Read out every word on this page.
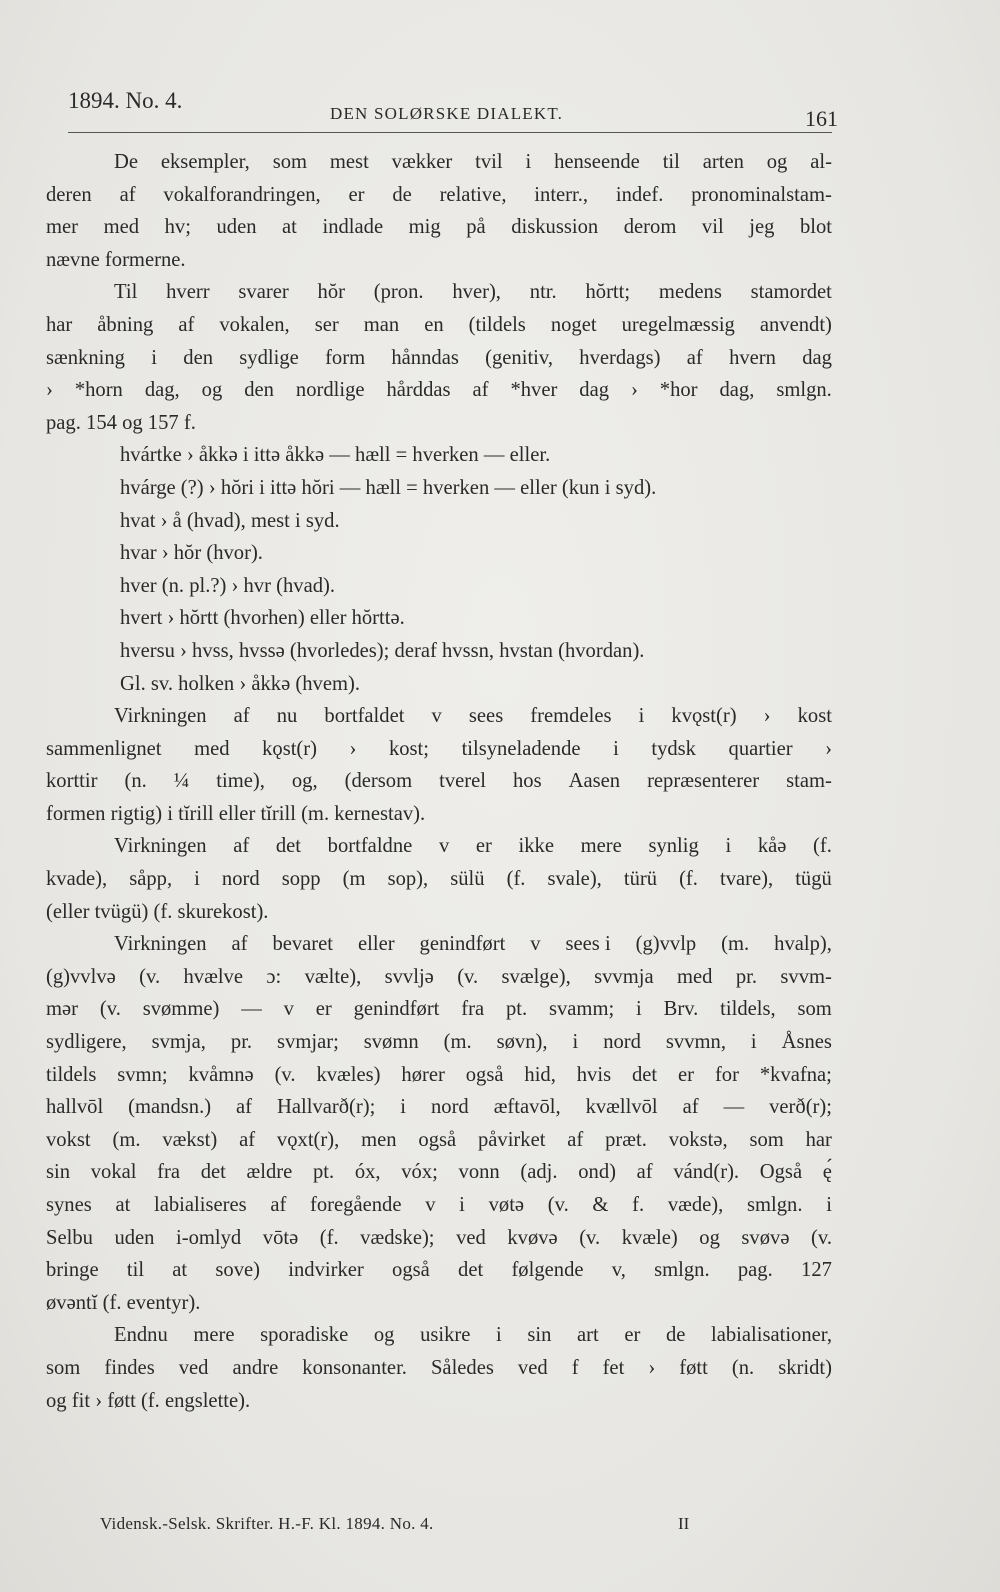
1894. No. 4.
DEN SOLØRSKE DIALEKT.	161
De eksempler, som mest vækker tvil i henseende til arten og al-
deren af vokalforandringen, er de relative, interr., indef. pronominalstam-
mer med hv; uden at indlade mig på diskussion derom vil jeg blot
nævne formerne.
Til hverr svarer hŏr (pron. hver), ntr. hŏrtt; medens stamordet
har åbning af vokalen, ser man en (tildels noget uregelmæssig anvendt)
sænkning i den sydlige form hånndas (genitiv, hverdags) af hvern dag
› *horn dag, og den nordlige hårddas af *hver dag › *hor dag, smlgn.
pag. 154 og 157 f.
hvártke › åkkə i ittə åkkə — hæll = hverken — eller.
hvárge (?) › hŏri i ittə hŏri — hæll = hverken — eller (kun i syd).
hvat › å (hvad), mest i syd.
hvar › hŏr (hvor).
hver (n. pl.?) › hvr (hvad).
hvert › hŏrtt (hvorhen) eller hŏrttə.
hversu › hvss, hvssə (hvorledes); deraf hvssn, hvstan (hvordan).
Gl. sv. holken › åkkə (hvem).
Virkningen af nu bortfaldet v sees fremdeles i kvǫst(r) › kost
sammenlignet med kǫst(r) › kost; tilsyneladende i tydsk quartier ›
korttir (n. ¼ time), og, (dersom tverel hos Aasen repræsenterer stam-
formen rigtig) i tĭrill eller tĭrill (m. kernestav).
Virkningen af det bortfaldne v er ikke mere synlig i kåə (f.
kvade), såpp, i nord sopp (m sop), sülü (f. svale), türü (f. tvare), tügü
(eller tvügü) (f. skurekost).
Virkningen af bevaret eller genindført v sees i (g)vvlp (m. hvalp),
(g)vvlvə (v. hvælve ɔ: vælte), svvljə (v. svælge), svvmja med pr. svvm-
mər (v. svømme) — v er genindført fra pt. svamm; i Brv. tildels, som
sydligere, svmja, pr. svmjar; svømn (m. søvn), i nord svvmn, i Åsnes
tildels svmn; kvåmnə (v. kvæles) hører også hid, hvis det er for *kvafna;
hallvōl (mandsn.) af Hallvarð(r); i nord æftavōl, kvællvōl af — verð(r);
vokst (m. vækst) af vǫxt(r), men også påvirket af præt. vokstə, som har
sin vokal fra det ældre pt. óx, vóx; vonn (adj. ond) af vánd(r). Også ę́
synes at labialiseres af foregående v i vøtə (v. & f. væde), smlgn. i
Selbu uden i-omlyd vōtə (f. vædske); ved kvøvə (v. kvæle) og svøvə (v.
bringe til at sove) indvirker også det følgende v, smlgn. pag. 127
øvəntĭ (f. eventyr).
Endnu mere sporadiske og usikre i sin art er de labialisationer,
som findes ved andre konsonanter. Således ved f fet › føtt (n. skridt)
og fit › føtt (f. engslette).
Vidensk.-Selsk. Skrifter. H.-F. Kl. 1894. No. 4.	II
